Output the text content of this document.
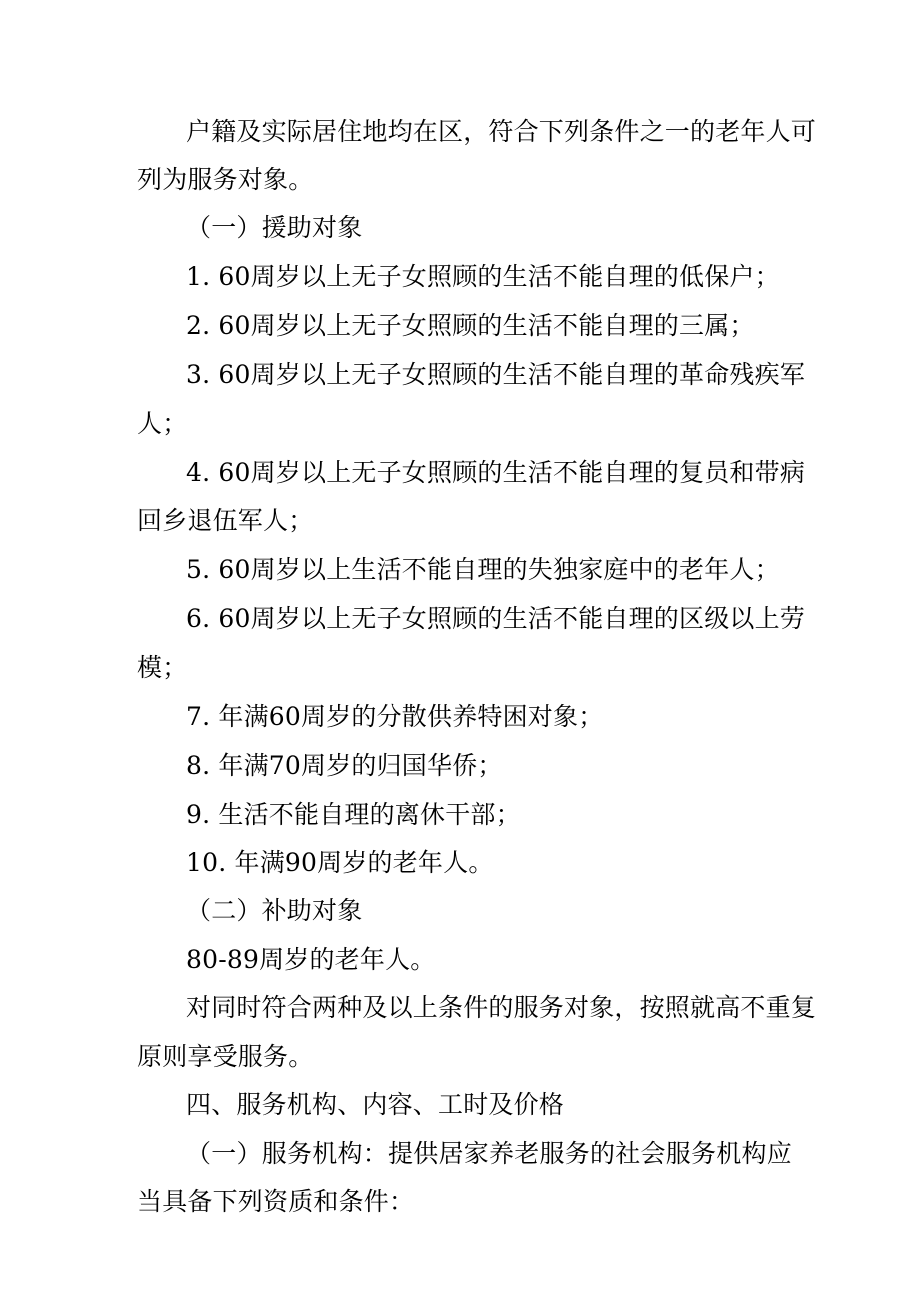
户籍及实际居住地均在区，符合下列条件之一的老年人可
列为服务对象。
（一）援助对象
1. 60周岁以上无子女照顾的生活不能自理的低保户；
2. 60周岁以上无子女照顾的生活不能自理的三属；
3. 60周岁以上无子女照顾的生活不能自理的革命残疾军
人；
4. 60周岁以上无子女照顾的生活不能自理的复员和带病
回乡退伍军人；
5. 60周岁以上生活不能自理的失独家庭中的老年人；
6. 60周岁以上无子女照顾的生活不能自理的区级以上劳
模；
7. 年满60周岁的分散供养特困对象；
8. 年满70周岁的归国华侨；
9. 生活不能自理的离休干部；
10. 年满90周岁的老年人。
（二）补助对象
80-89周岁的老年人。
对同时符合两种及以上条件的服务对象，按照就高不重复
原则享受服务。
四、服务机构、内容、工时及价格
（一）服务机构：提供居家养老服务的社会服务机构应
当具备下列资质和条件：
